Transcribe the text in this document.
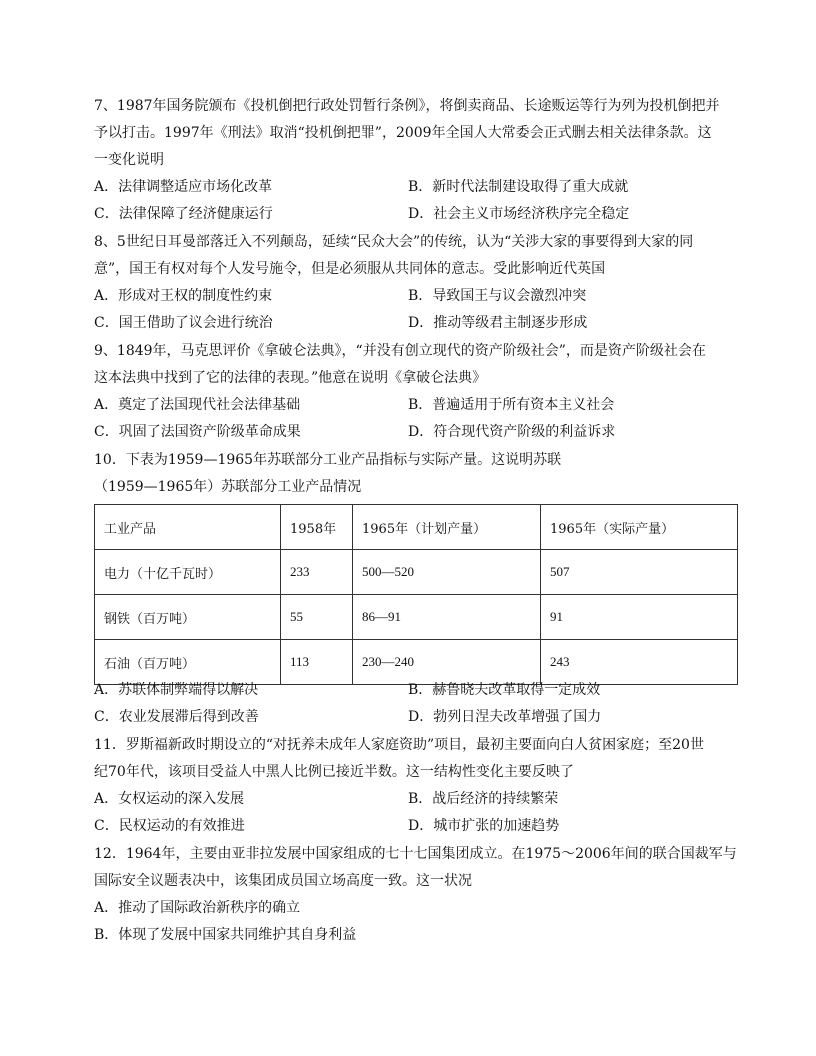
7、1987年国务院颁布《投机倒把行政处罚暂行条例》，将倒卖商品、长途贩运等行为列为投机倒把并
予以打击。1997年《刑法》取消“投机倒把罪”，2009年全国人大常委会正式删去相关法律条款。这
一变化说明
A．法律调整适应市场化改革	B．新时代法制建设取得了重大成就
C．法律保障了经济健康运行	D．社会主义市场经济秩序完全稳定
8、5世纪日耳曼部落迁入不列颠岛，延续“民众大会”的传统，认为“关涉大家的事要得到大家的同
意”，国王有权对每个人发号施令，但是必须服从共同体的意志。受此影响近代英国
A．形成对王权的制度性约束	B．导致国王与议会激烈冲突
C．国王借助了议会进行统治	D．推动等级君主制逐步形成
9、1849年，马克思评价《拿破仑法典》，“并没有创立现代的资产阶级社会”，而是资产阶级社会在
这本法典中找到了它的法律的表现。”他意在说明《拿破仑法典》
A．奠定了法国现代社会法律基础	B．普遍适用于所有资本主义社会
C．巩固了法国资产阶级革命成果	D．符合现代资产阶级的利益诉求
10．下表为1959—1965年苏联部分工业产品指标与实际产量。这说明苏联
（1959—1965年）苏联部分工业产品情况
工业产品	1958年	1965年（计划产量）	1965年（实际产量）
电力（十亿千瓦时）	233	500—520	507
钢铁（百万吨）	55	86—91	91
石油（百万吨）	113	230—240	243
A．苏联体制弊端得以解决	B．赫鲁晓夫改革取得一定成效
C．农业发展滞后得到改善	D．勃列日涅夫改革增强了国力
11．罗斯福新政时期设立的“对抚养未成年人家庭资助”项目，最初主要面向白人贫困家庭；至20世
纪70年代，该项目受益人中黑人比例已接近半数。这一结构性变化主要反映了
A．女权运动的深入发展	B．战后经济的持续繁荣
C．民权运动的有效推进	D．城市扩张的加速趋势
12．1964年，主要由亚非拉发展中国家组成的七十七国集团成立。在1975～2006年间的联合国裁军与
国际安全议题表决中，该集团成员国立场高度一致。这一状况
A．推动了国际政治新秩序的确立
B．体现了发展中国家共同维护其自身利益
